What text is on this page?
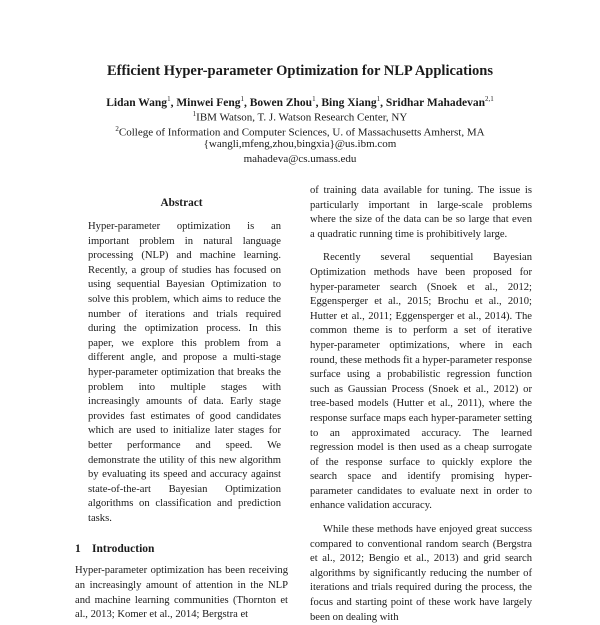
Efficient Hyper-parameter Optimization for NLP Applications
Lidan Wang$^1$, Minwei Feng$^1$, Bowen Zhou$^1$, Bing Xiang$^1$, Sridhar Mahadevan$^{2,1}$
$^1$IBM Watson, T. J. Watson Research Center, NY
$^2$College of Information and Computer Sciences, U. of Massachusetts Amherst, MA
{wangli,mfeng,zhou,bingxia}@us.ibm.com
mahadeva@cs.umass.edu
Abstract
Hyper-parameter optimization is an important problem in natural language processing (NLP) and machine learning. Recently, a group of studies has focused on using sequential Bayesian Optimization to solve this problem, which aims to reduce the number of iterations and trials required during the optimization process. In this paper, we explore this problem from a different angle, and propose a multi-stage hyper-parameter optimization that breaks the problem into multiple stages with increasingly amounts of data. Early stage provides fast estimates of good candidates which are used to initialize later stages for better performance and speed. We demonstrate the utility of this new algorithm by evaluating its speed and accuracy against state-of-the-art Bayesian Optimization algorithms on classification and prediction tasks.
1 Introduction

Hyper-parameter optimization has been receiving an increasingly amount of attention in the NLP and machine learning communities (Thornton et al., 2013; Komer et al., 2014; Bergstra et

of training data available for tuning. The issue is particularly important in large-scale problems where the size of the data can be so large that even a quadratic running time is prohibitively large.

Recently several sequential Bayesian Optimization methods have been proposed for hyper-parameter search (Snoek et al., 2012; Eggensperger et al., 2015; Brochu et al., 2010; Hutter et al., 2011; Eggensperger et al., 2014). The common theme is to perform a set of iterative hyper-parameter optimizations, where in each round, these methods fit a hyper-parameter response surface using a probabilistic regression function such as Gaussian Process (Snoek et al., 2012) or tree-based models (Hutter et al., 2011), where the response surface maps each hyper-parameter setting to an approximated accuracy. The learned regression model is then used as a cheap surrogate of the response surface to quickly explore the search space and identify promising hyper-parameter candidates to evaluate next in order to enhance validation accuracy.

While these methods have enjoyed great success compared to conventional random search (Bergstra et al., 2012; Bengio et al., 2013) and grid search algorithms by significantly reducing the number of iterations and trials required during the process, the focus and starting point of these work have largely been on dealing with
